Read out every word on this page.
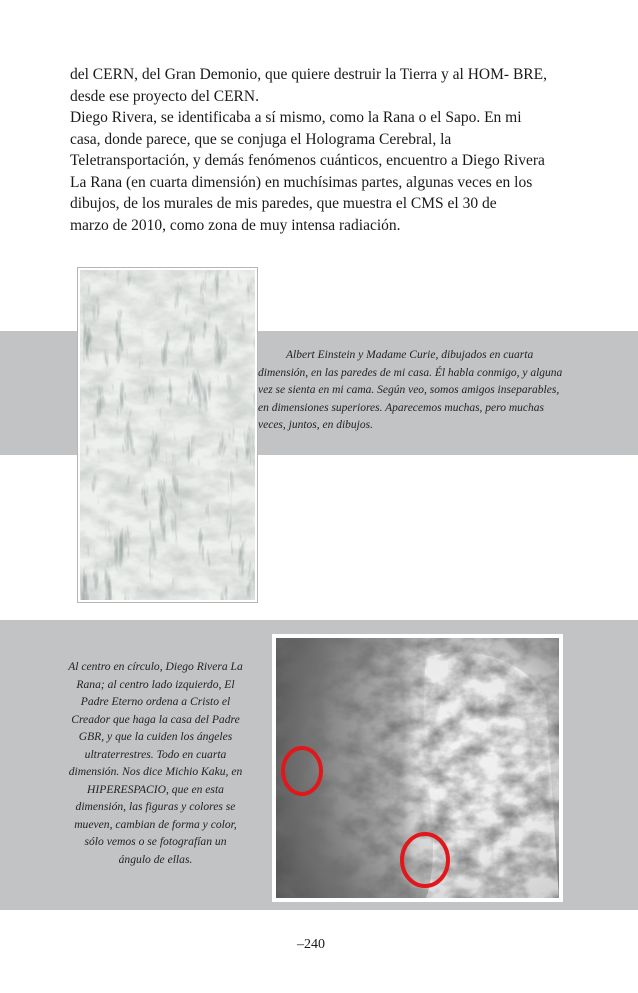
del CERN, del Gran Demonio, que quiere destruir la Tierra y al HOM- BRE,

desde ese proyecto del CERN.

Diego Rivera, se identificaba a sí mismo, como la Rana o el Sapo. En mi

casa, donde parece, que se conjuga el Holograma Cerebral, la

Teletransportación, y demás fenómenos cuánticos, encuentro a Diego Rivera

La Rana (en cuarta dimensión) en muchísimas partes, algunas veces en los

dibujos, de los murales de mis paredes, que muestra el CMS el 30 de

marzo de 2010, como zona de muy intensa radiación.

Albert Einstein y Madame Curie, dibujados en cuarta
dimensión, en las paredes de mi casa. Él habla conmigo, y alguna
vez se sienta en mi cama. Según veo, somos amigos inseparables,
en dimensiones superiores. Aparecemos muchas, pero muchas
veces, juntos, en dibujos.
Al centro en círculo, Diego Rivera La
Rana; al centro lado izquierdo, El
Padre Eterno ordena a Cristo el
Creador que haga la casa del Padre
GBR, y que la cuiden los ángeles
ultraterrestres. Todo en cuarta
dimensión. Nos dice Michio Kaku, en
HIPERESPACIO, que en esta
dimensión, las figuras y colores se
mueven, cambian de forma y color,
sólo vemos o se fotografían un
ángulo de ellas.
–240
